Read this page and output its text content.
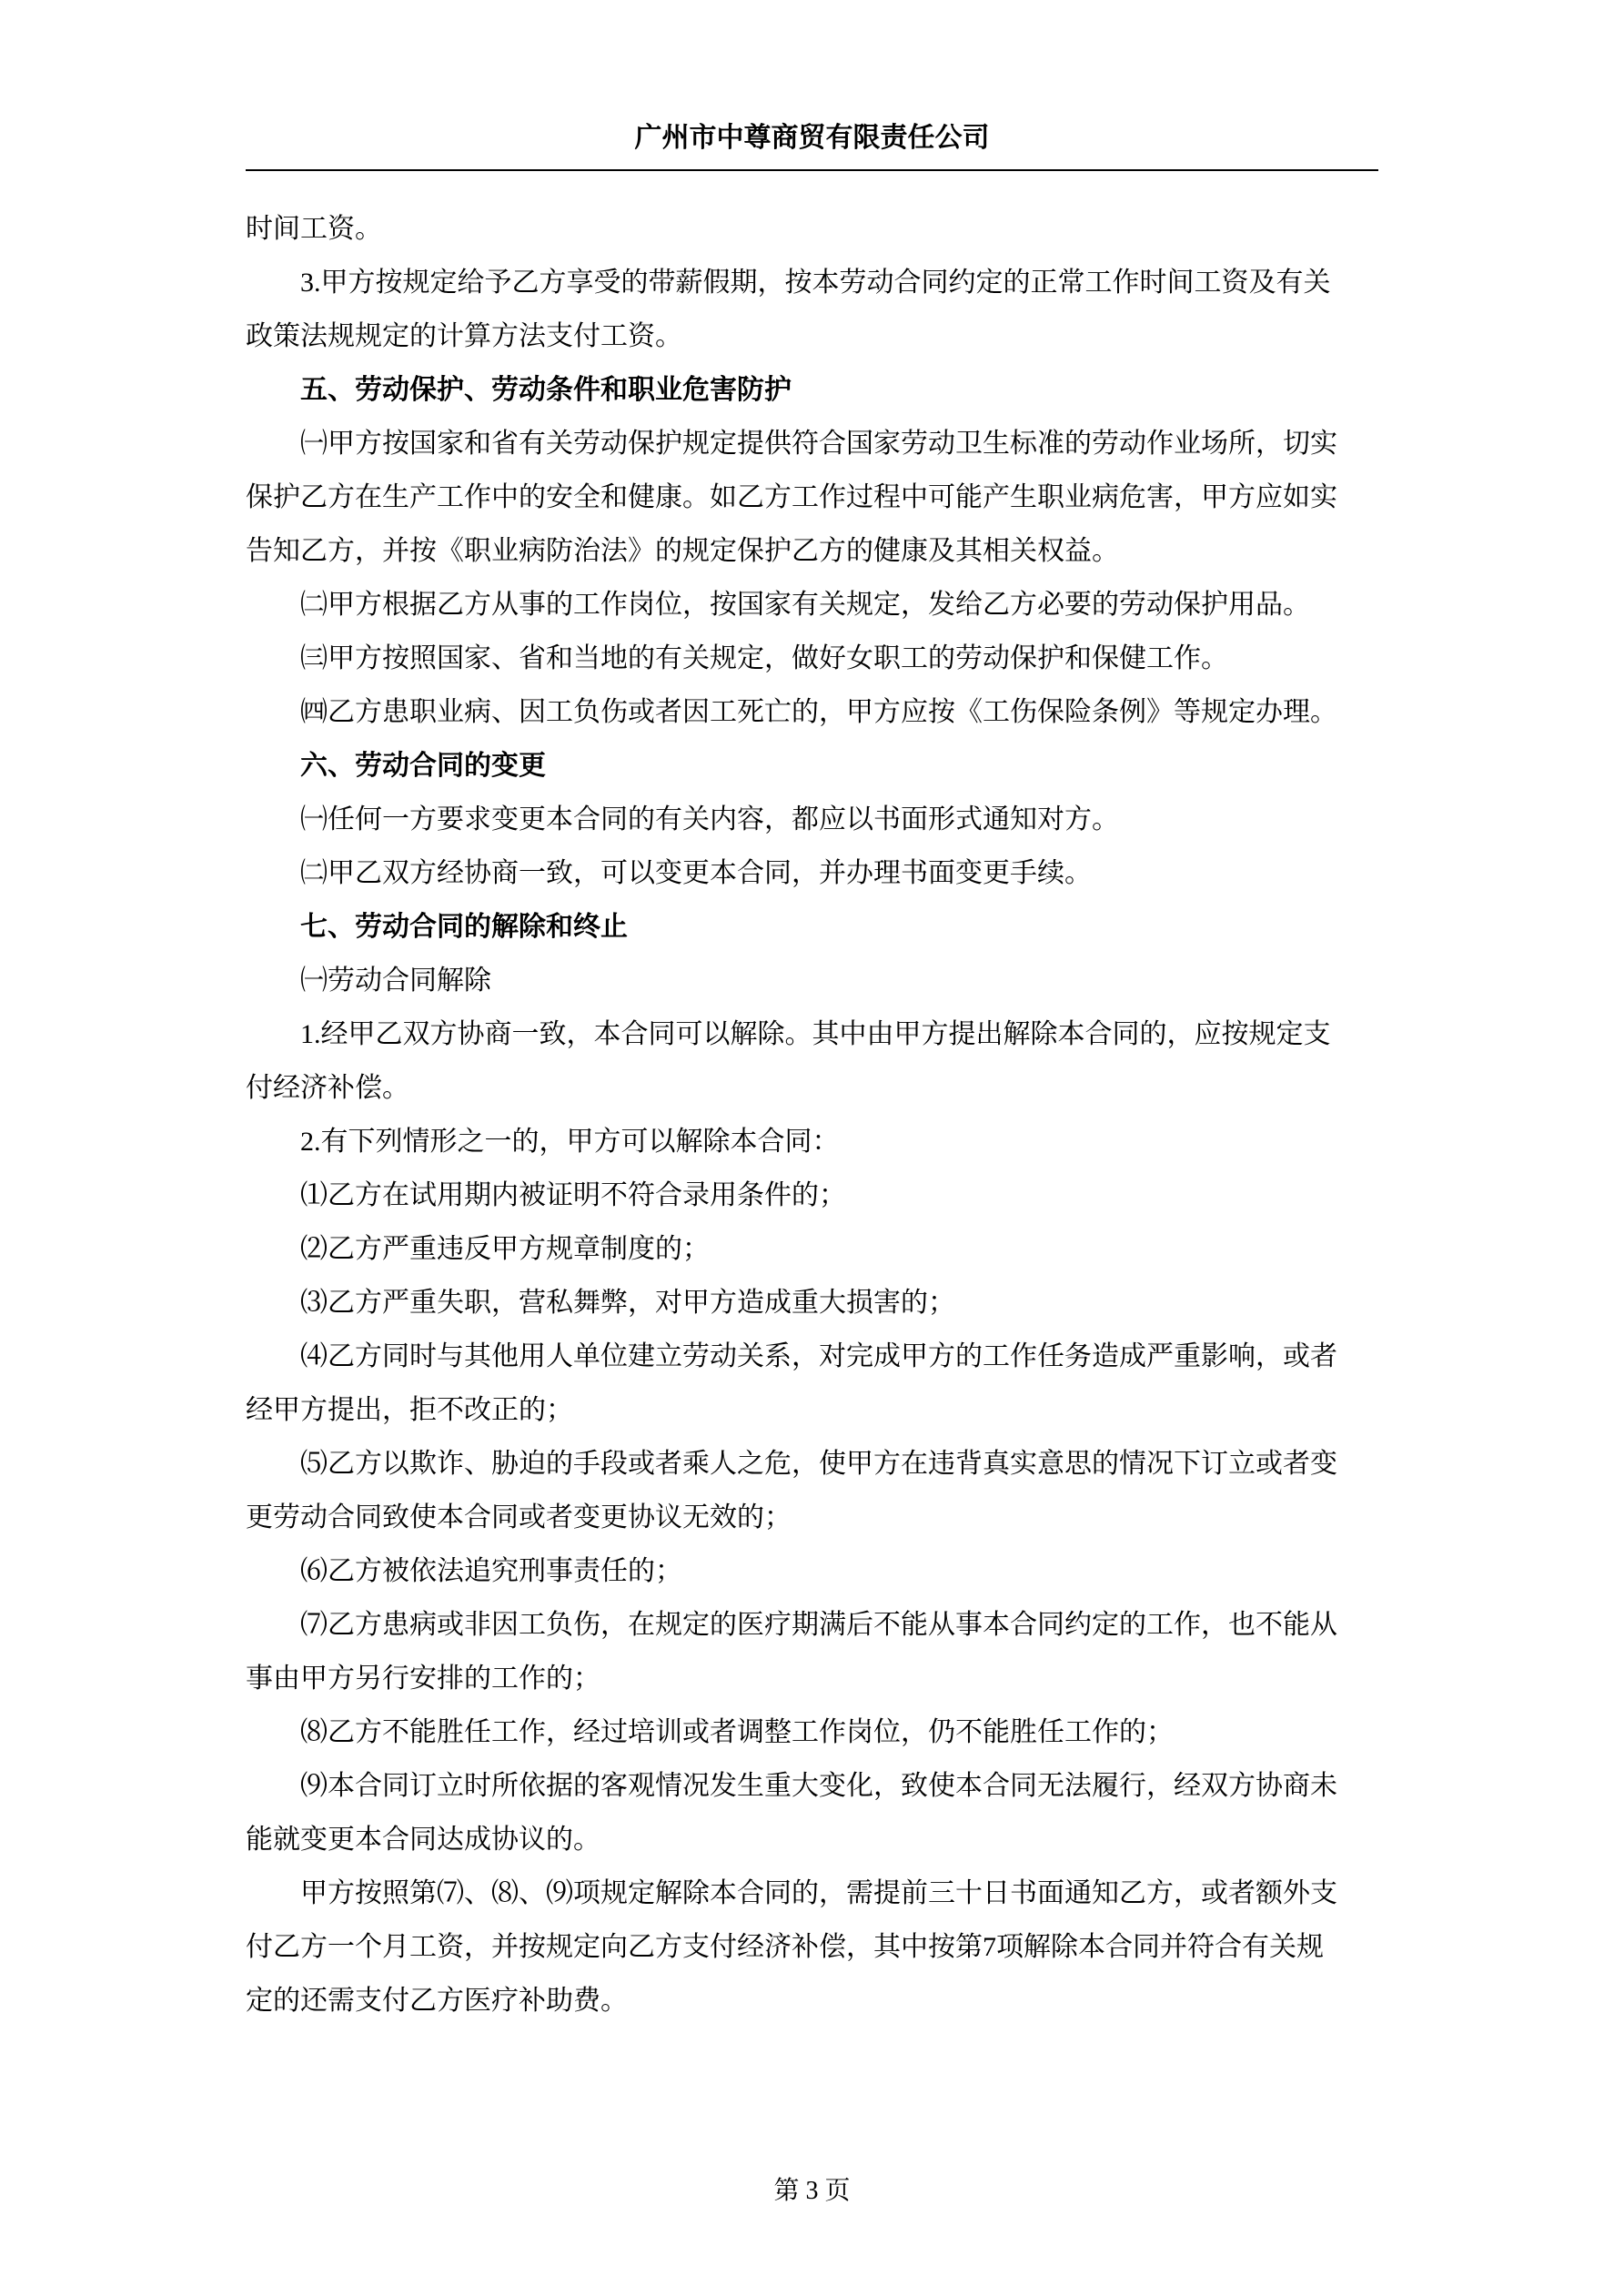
广州市中尊商贸有限责任公司
时间工资。
3.甲方按规定给予乙方享受的带薪假期，按本劳动合同约定的正常工作时间工资及有关
政策法规规定的计算方法支付工资。
五、劳动保护、劳动条件和职业危害防护
㈠甲方按国家和省有关劳动保护规定提供符合国家劳动卫生标准的劳动作业场所，切实
保护乙方在生产工作中的安全和健康。如乙方工作过程中可能产生职业病危害，甲方应如实
告知乙方，并按《职业病防治法》的规定保护乙方的健康及其相关权益。
㈡甲方根据乙方从事的工作岗位，按国家有关规定，发给乙方必要的劳动保护用品。
㈢甲方按照国家、省和当地的有关规定，做好女职工的劳动保护和保健工作。
㈣乙方患职业病、因工负伤或者因工死亡的，甲方应按《工伤保险条例》等规定办理。
六、劳动合同的变更
㈠任何一方要求变更本合同的有关内容，都应以书面形式通知对方。
㈡甲乙双方经协商一致，可以变更本合同，并办理书面变更手续。
七、劳动合同的解除和终止
㈠劳动合同解除
1.经甲乙双方协商一致，本合同可以解除。其中由甲方提出解除本合同的，应按规定支
付经济补偿。
2.有下列情形之一的，甲方可以解除本合同：
⑴乙方在试用期内被证明不符合录用条件的；
⑵乙方严重违反甲方规章制度的；
⑶乙方严重失职，营私舞弊，对甲方造成重大损害的；
⑷乙方同时与其他用人单位建立劳动关系，对完成甲方的工作任务造成严重影响，或者
经甲方提出，拒不改正的；
⑸乙方以欺诈、胁迫的手段或者乘人之危，使甲方在违背真实意思的情况下订立或者变
更劳动合同致使本合同或者变更协议无效的；
⑹乙方被依法追究刑事责任的；
⑺乙方患病或非因工负伤，在规定的医疗期满后不能从事本合同约定的工作，也不能从
事由甲方另行安排的工作的；
⑻乙方不能胜任工作，经过培训或者调整工作岗位，仍不能胜任工作的；
⑼本合同订立时所依据的客观情况发生重大变化，致使本合同无法履行，经双方协商未
能就变更本合同达成协议的。
甲方按照第⑺、⑻、⑼项规定解除本合同的，需提前三十日书面通知乙方，或者额外支
付乙方一个月工资，并按规定向乙方支付经济补偿，其中按第7项解除本合同并符合有关规
定的还需支付乙方医疗补助费。
第 3 页
